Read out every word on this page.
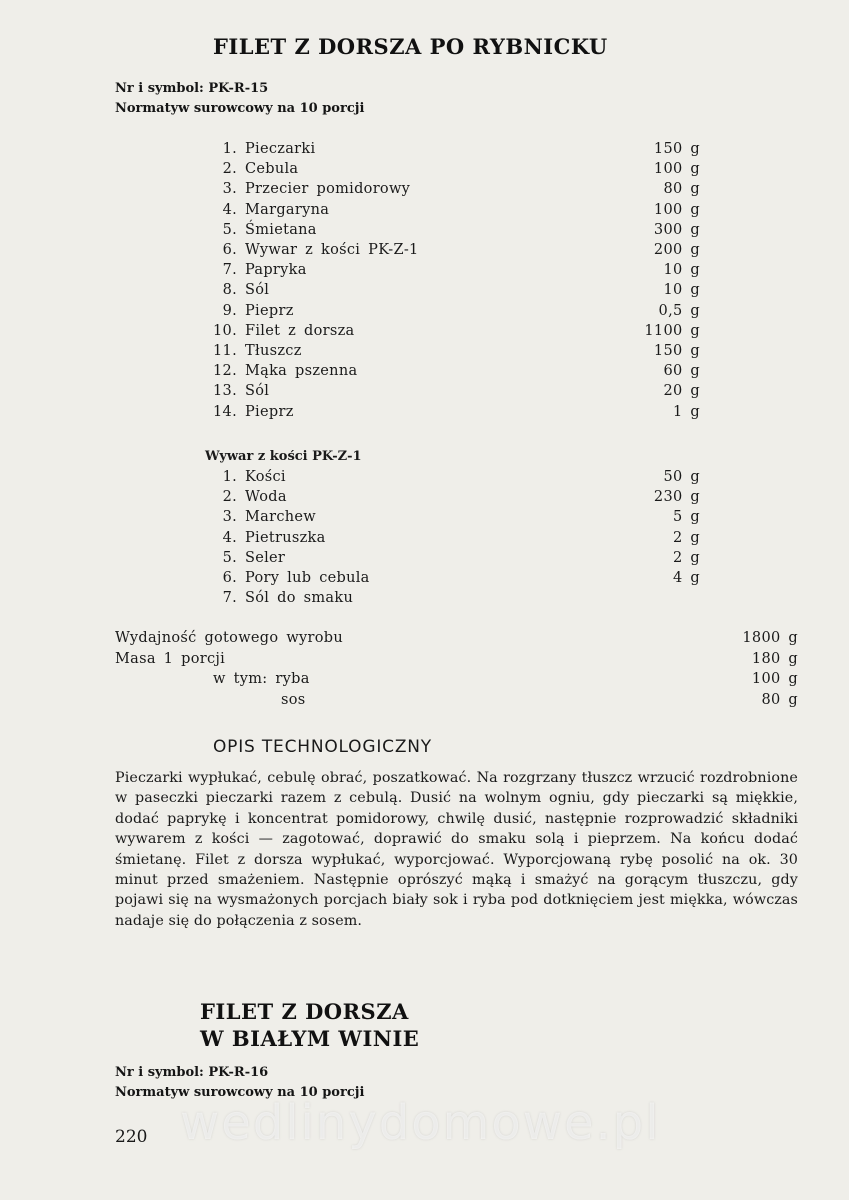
FILET Z DORSZA PO RYBNICKU

Nr i symbol: PK-R-15

Normatyw surowcowy na 10 porcji

1. Pieczarki	150 g
2. Cebula	100 g
3. Przecier pomidorowy	80 g
4. Margaryna	100 g
5. Śmietana	300 g
6. Wywar z kości PK-Z-1	200 g
7. Papryka	10 g
8. Sól	10 g
9. Pieprz	0,5 g
10. Filet z dorsza	1100 g
11. Tłuszcz	150 g
12. Mąka pszenna	60 g
13. Sól	20 g
14. Pieprz	1 g

Wywar z kości PK-Z-1

1. Kości	50 g
2. Woda	230 g
3. Marchew	5 g
4. Pietruszka	2 g
5. Seler	2 g
6. Pory lub cebula	4 g
7. Sól do smaku
Wydajność gotowego wyrobu	1800 g
Masa 1 porcji	180 g
w tym: ryba	100 g
sos	80 g
OPIS TECHNOLOGICZNY

Pieczarki wypłukać, cebulę obrać, poszatkować. Na rozgrzany tłuszcz wrzucić rozdrobnione w paseczki pieczarki razem z cebulą. Dusić na wolnym ogniu, gdy pieczarki są miękkie, dodać paprykę i koncentrat pomidorowy, chwilę dusić, następnie rozprowadzić składniki wywarem z kości — zagotować, doprawić do smaku solą i pieprzem. Na końcu dodać śmietanę. Filet z dorsza wypłukać, wyporcjować. Wyporcjowaną rybę posolić na ok. 30 minut przed smażeniem. Następnie oprószyć mąką i smażyć na gorącym tłuszczu, gdy pojawi się na wysmażonych porcjach biały sok i ryba pod dotknięciem jest miękka, wówczas nadaje się do połączenia z sosem.

FILET Z DORSZA
W BIAŁYM WINIE

Nr i symbol: PK-R-16

Normatyw surowcowy na 10 porcji

wedlinydomowe.pl

220
